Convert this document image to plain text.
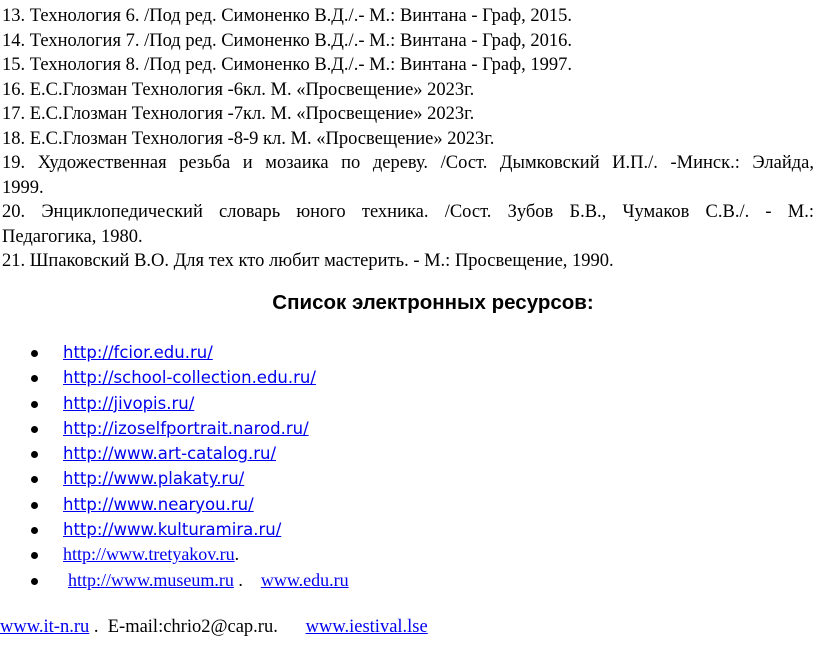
13. Технология 6. /Под ред. Симоненко В.Д./.- М.: Винтана - Граф, 2015.

14. Технология 7. /Под ред. Симоненко В.Д./.- М.: Винтана - Граф, 2016.

15. Технология 8. /Под ред. Симоненко В.Д./.- М.: Винтана - Граф, 1997.

16. Е.С.Глозман Технология -6кл. М. «Просвещение» 2023г.

17. Е.С.Глозман Технология -7кл. М. «Просвещение» 2023г.

18. Е.С.Глозман Технология -8-9 кл. М. «Просвещение» 2023г.

19. Художественная резьба и мозаика по дереву. /Сост. Дымковский И.П./. -Минск.: Элайда,
1999.

20. Энциклопедический словарь юного техника. /Сост. Зубов Б.В., Чумаков С.В./. - М.:
Педагогика, 1980.

21. Шпаковский В.О. Для тех кто любит мастерить. - М.: Просвещение, 1990.

Список электронных ресурсов:
http://fcior.edu.ru/
http://school-collection.edu.ru/
http://jivopis.ru/
http://izoselfportrait.narod.ru/
http://www.art-catalog.ru/
http://www.plakaty.ru/
http://www.nearyou.ru/
http://www.kulturamira.ru/
http://www.tretyakov.ru.
http://www.museum.ru .    www.edu.ru
www.it-n.ru .  E-mail:chrio2@cap.ru. www.iestival.lse
